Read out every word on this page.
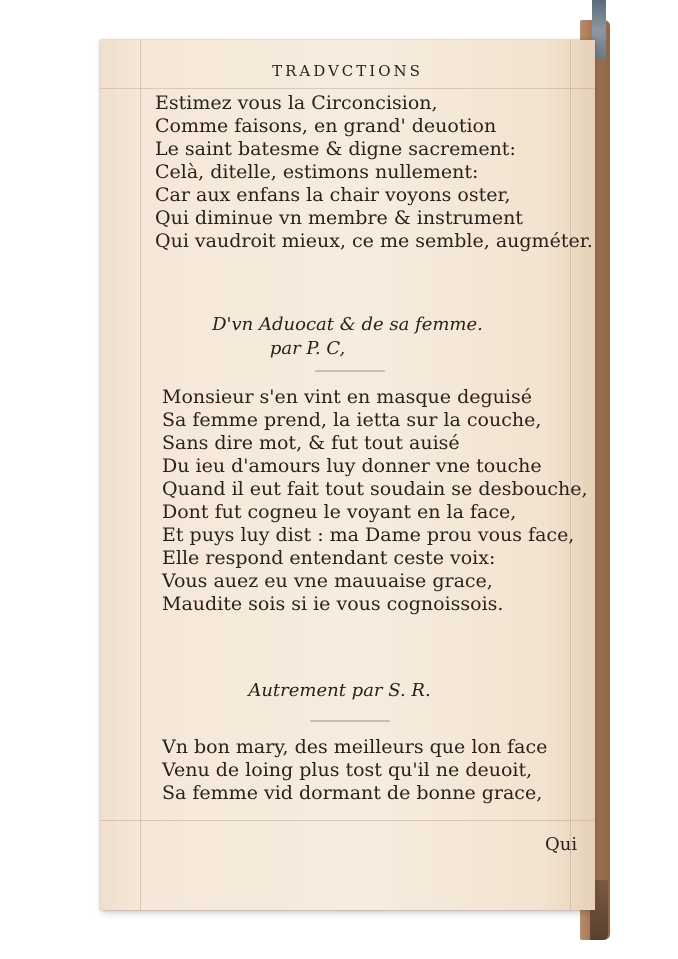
TRADVCTIONS
Estimez vous la Circoncision,
Comme faisons, en grand' deuotion
Le saint batesme & digne sacrement:
Celà, ditelle, estimons nullement:
Car aux enfans la chair voyons oster,
Qui diminue vn membre & instrument
Qui vaudroit mieux, ce me semble, augméter.
D'vn Aduocat & de sa femme.
par P. C,
Monsieur s'en vint en masque deguisé
Sa femme prend, la ietta sur la couche,
Sans dire mot, & fut tout auisé
Du ieu d'amours luy donner vne touche
Quand il eut fait tout soudain se desbouche,
Dont fut cogneu le voyant en la face,
Et puys luy dist : ma Dame prou vous face,
Elle respond entendant ceste voix:
Vous auez eu vne mauuaise grace,
Maudite sois si ie vous cognoissois.
Autrement par S. R.
Vn bon mary, des meilleurs que lon face
Venu de loing plus tost qu'il ne deuoit,
Sa femme vid dormant de bonne grace,
Qui
